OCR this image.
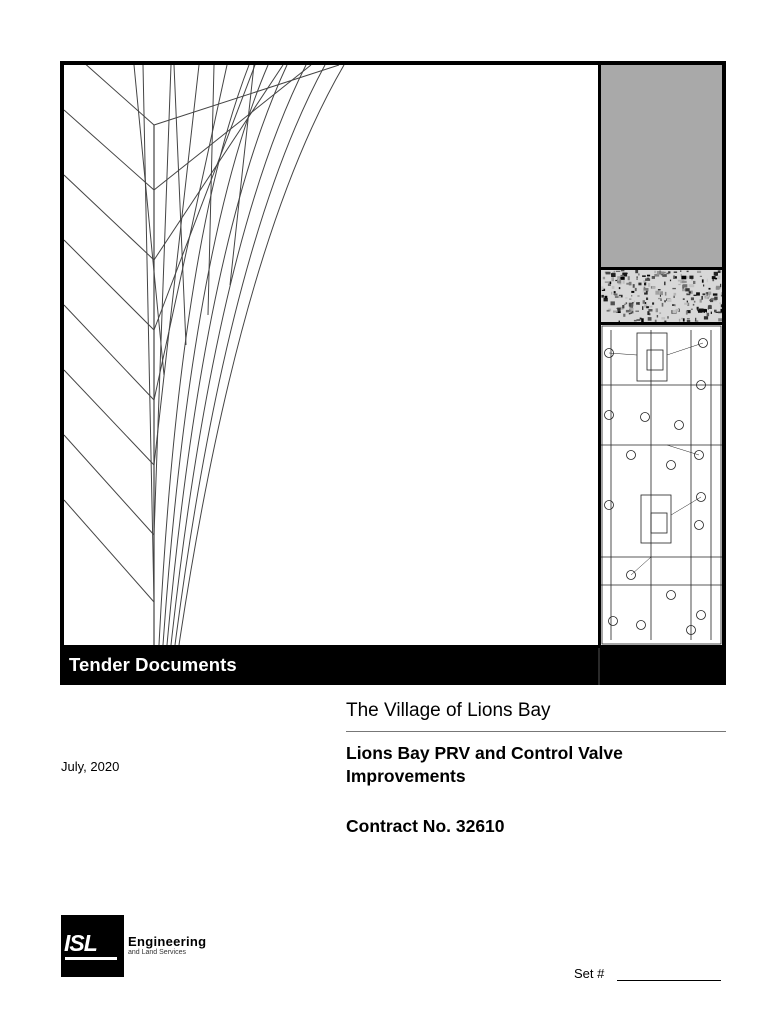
Tender Documents
The Village of Lions Bay
Lions Bay PRV and Control Valve Improvements
Contract No. 32610
July, 2020
ISL Engineering
and Land Services
Set #
